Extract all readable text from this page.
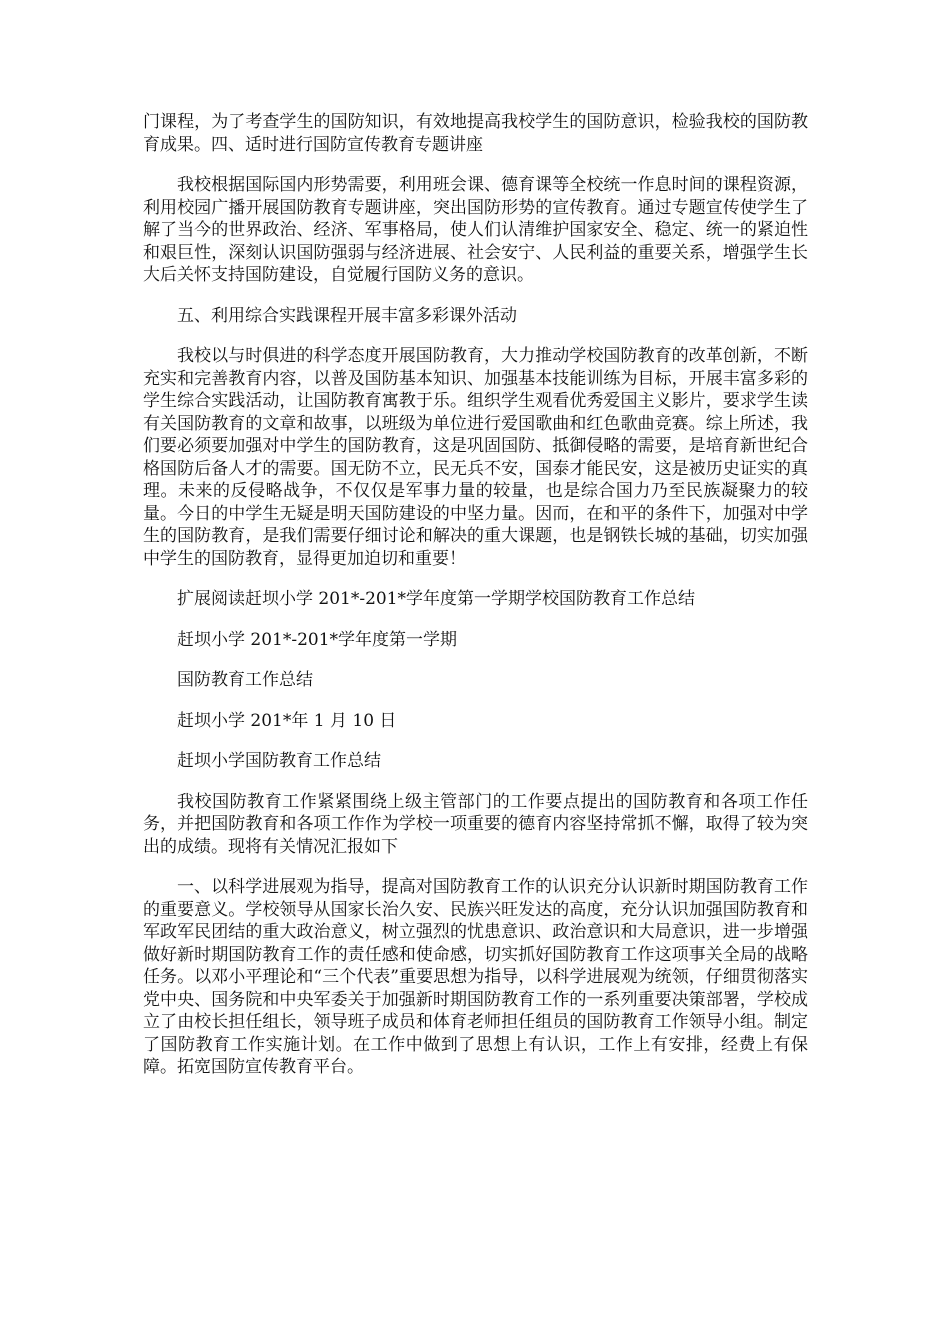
门课程，为了考查学生的国防知识，有效地提高我校学生的国防意识，检验我校的国防教育成果。四、适时进行国防宣传教育专题讲座

我校根据国际国内形势需要，利用班会课、德育课等全校统一作息时间的课程资源，利用校园广播开展国防教育专题讲座，突出国防形势的宣传教育。通过专题宣传使学生了解了当今的世界政治、经济、军事格局，使人们认清维护国家安全、稳定、统一的紧迫性和艰巨性，深刻认识国防强弱与经济进展、社会安宁、人民利益的重要关系，增强学生长大后关怀支持国防建设，自觉履行国防义务的意识。

五、利用综合实践课程开展丰富多彩课外活动

我校以与时俱进的科学态度开展国防教育，大力推动学校国防教育的改革创新，不断充实和完善教育内容，以普及国防基本知识、加强基本技能训练为目标，开展丰富多彩的学生综合实践活动，让国防教育寓教于乐。组织学生观看优秀爱国主义影片，要求学生读有关国防教育的文章和故事，以班级为单位进行爱国歌曲和红色歌曲竞赛。综上所述，我们要必须要加强对中学生的国防教育，这是巩固国防、抵御侵略的需要，是培育新世纪合格国防后备人才的需要。国无防不立，民无兵不安，国泰才能民安，这是被历史证实的真理。未来的反侵略战争，不仅仅是军事力量的较量，也是综合国力乃至民族凝聚力的较量。今日的中学生无疑是明天国防建设的中坚力量。因而，在和平的条件下，加强对中学生的国防教育，是我们需要仔细讨论和解决的重大课题，也是钢铁长城的基础，切实加强中学生的国防教育，显得更加迫切和重要！

扩展阅读赶坝小学 201*-201*学年度第一学期学校国防教育工作总结

赶坝小学 201*-201*学年度第一学期

国防教育工作总结

赶坝小学 201*年 1 月 10 日

赶坝小学国防教育工作总结

我校国防教育工作紧紧围绕上级主管部门的工作要点提出的国防教育和各项工作任务，并把国防教育和各项工作作为学校一项重要的德育内容坚持常抓不懈，取得了较为突出的成绩。现将有关情况汇报如下

一、以科学进展观为指导，提高对国防教育工作的认识充分认识新时期国防教育工作的重要意义。学校领导从国家长治久安、民族兴旺发达的高度，充分认识加强国防教育和军政军民团结的重大政治意义，树立强烈的忧患意识、政治意识和大局意识，进一步增强做好新时期国防教育工作的责任感和使命感，切实抓好国防教育工作这项事关全局的战略任务。以邓小平理论和“三个代表”重要思想为指导，以科学进展观为统领，仔细贯彻落实党中央、国务院和中央军委关于加强新时期国防教育工作的一系列重要决策部署，学校成立了由校长担任组长，领导班子成员和体育老师担任组员的国防教育工作领导小组。制定了国防教育工作实施计划。在工作中做到了思想上有认识，工作上有安排，经费上有保障。拓宽国防宣传教育平台。
